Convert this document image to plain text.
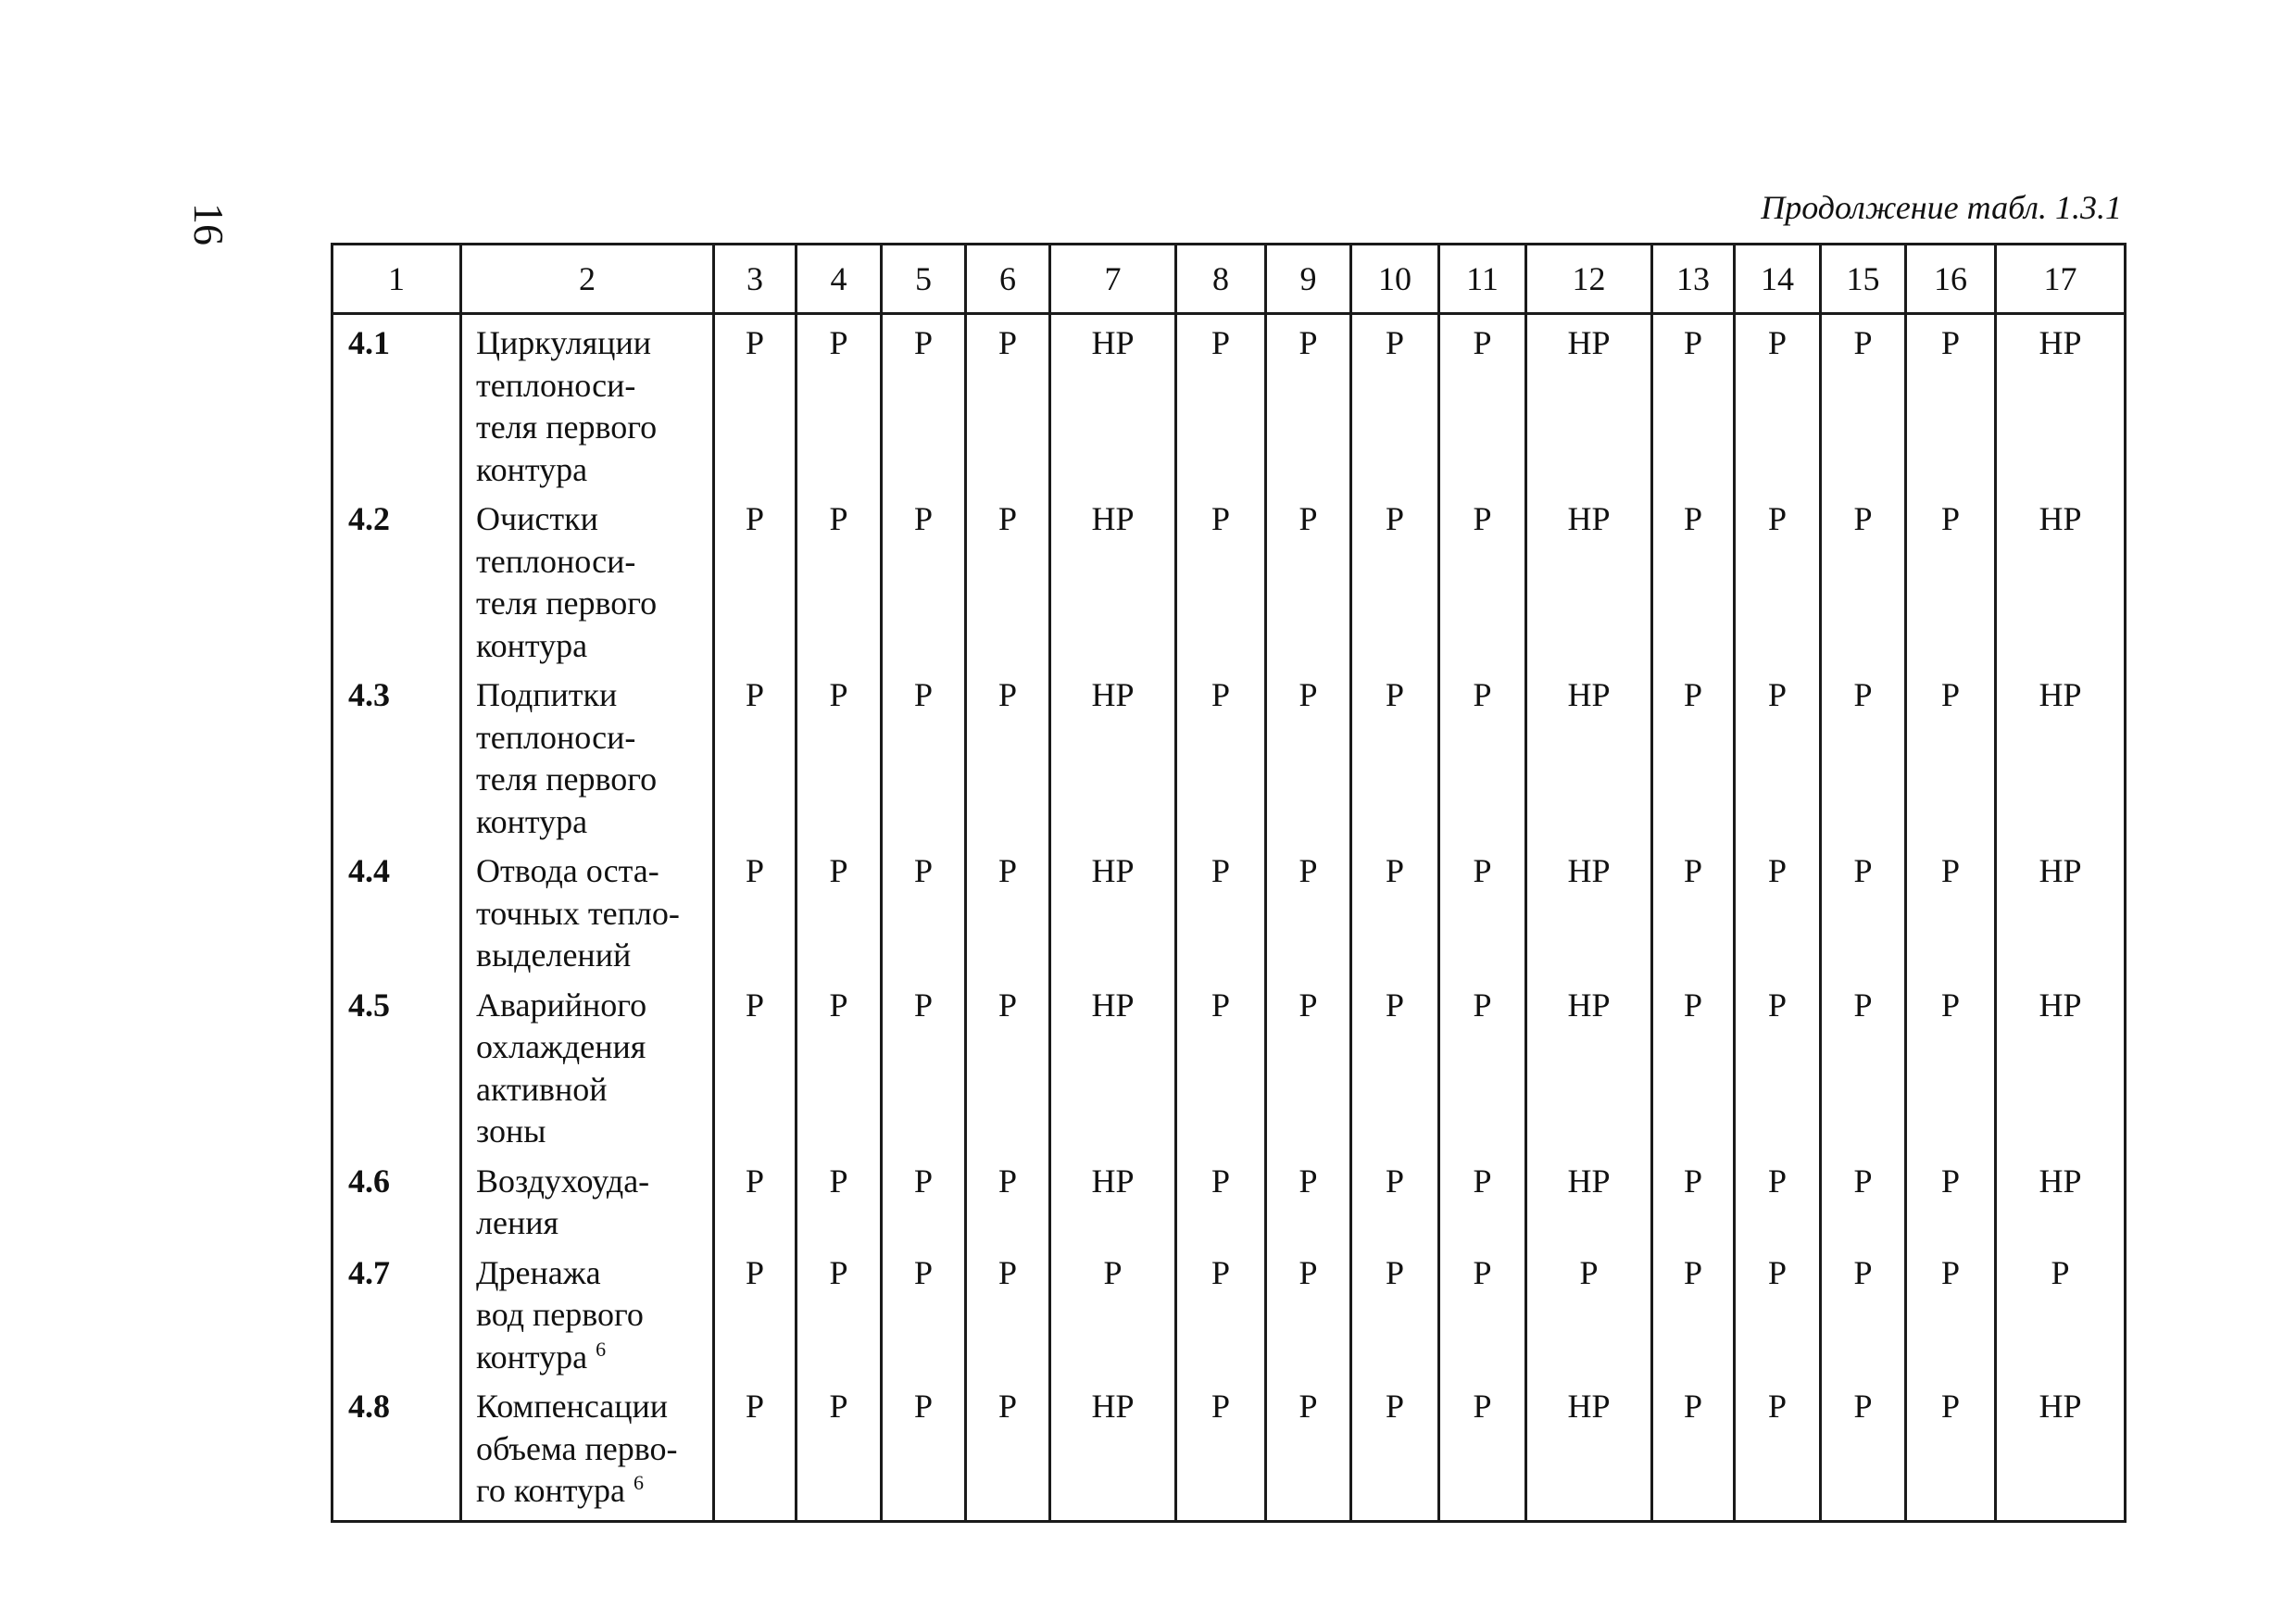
16	Продолжение табл. 1.3.1
1	2	3	4	5	6	7	8	9	10	11	12	13	14	15	16	17
4.1	Циркуляции
теплоноси-
теля первого
контура	Р	Р	Р	Р	НР	Р	Р	Р	Р	НР	Р	Р	Р	Р	НР
4.2	Очистки
теплоноси-
теля первого
контура	Р	Р	Р	Р	НР	Р	Р	Р	Р	НР	Р	Р	Р	Р	НР
4.3	Подпитки
теплоноси-
теля первого
контура	Р	Р	Р	Р	НР	Р	Р	Р	Р	НР	Р	Р	Р	Р	НР
4.4	Отвода оста-
точных тепло-
выделений	Р	Р	Р	Р	НР	Р	Р	Р	Р	НР	Р	Р	Р	Р	НР
4.5	Аварийного
охлаждения
активной
зоны	Р	Р	Р	Р	НР	Р	Р	Р	Р	НР	Р	Р	Р	Р	НР
4.6	Воздухоуда-
ления	Р	Р	Р	Р	НР	Р	Р	Р	Р	НР	Р	Р	Р	Р	НР
4.7	Дренажа
вод первого
контура $^6$	Р	Р	Р	Р	Р	Р	Р	Р	Р	Р	Р	Р	Р	Р	Р
4.8	Компенсации
объема перво-
го контура $^6$	Р	Р	Р	Р	НР	Р	Р	Р	Р	НР	Р	Р	Р	Р	НР
